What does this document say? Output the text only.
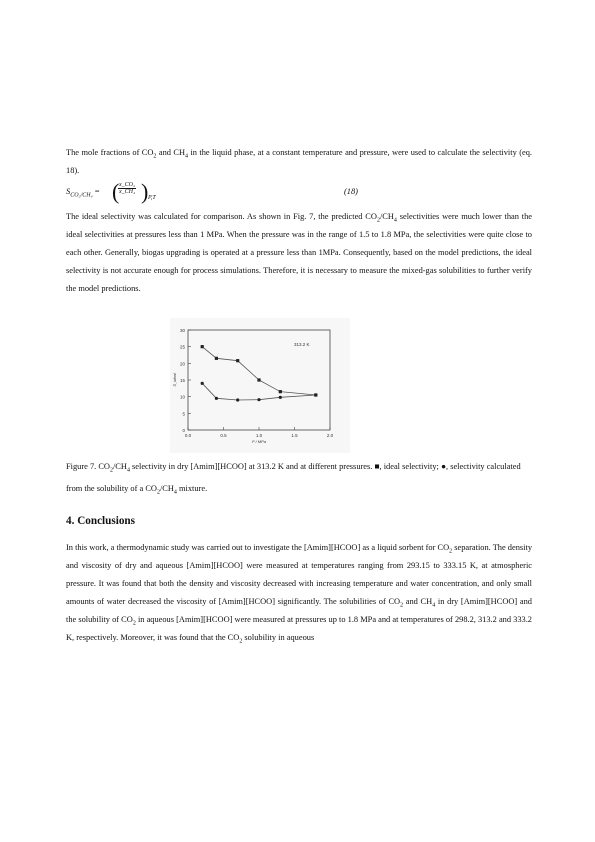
The mole fractions of $CO_2$ and $CH_4$ in the liquid phase, at a constant temperature and pressure, were used to calculate the selectivity (eq. 18).
$S_{CO_2/CH_4}$ = (
$\frac{\text{x\_CO₂}}{\text{x\_CH₄}}$ ) P,T
(18)
The ideal selectivity was calculated for comparison. As shown in Fig. 7, the predicted $CO_2/CH_4$ selectivities were much lower than the ideal selectivities at pressures less than 1 MPa. When the pressure was in the range of 1.5 to 1.8 MPa, the selectivities were quite close to each other. Generally, biogas upgrading is operated at a pressure less than 1MPa. Consequently, based on the model predictions, the ideal selectivity is not accurate enough for process simulations. Therefore, it is necessary to measure the mixed-gas solubilities to further verify the model predictions.
0
5
10
15
20
25
30
0.0	0.5	1.0	1.5	2.0
P / MPa
S_ideal
313.2 K
Figure 7. $CO_2/CH_4$ selectivity in dry [Amim][HCOO] at 313.2 K and at different pressures. ■, ideal selectivity; ●, selectivity calculated from the solubility of a $CO_2/CH_4$ mixture.
4. Conclusions
In this work, a thermodynamic study was carried out to investigate the [Amim][HCOO] as a liquid sorbent for $CO_2$ separation. The density and viscosity of dry and aqueous [Amim][HCOO] were measured at temperatures ranging from 293.15 to 333.15 K, at atmospheric pressure. It was found that both the density and viscosity decreased with increasing temperature and water concentration, and only small amounts of water decreased the viscosity of [Amim][HCOO] significantly. The solubilities of $CO_2$ and $CH_4$ in dry [Amim][HCOO] and the solubility of $CO_2$ in aqueous [Amim][HCOO] were measured at pressures up to 1.8 MPa and at temperatures of 298.2, 313.2 and 333.2 K, respectively. Moreover, it was found that the $CO_2$ solubility in aqueous
